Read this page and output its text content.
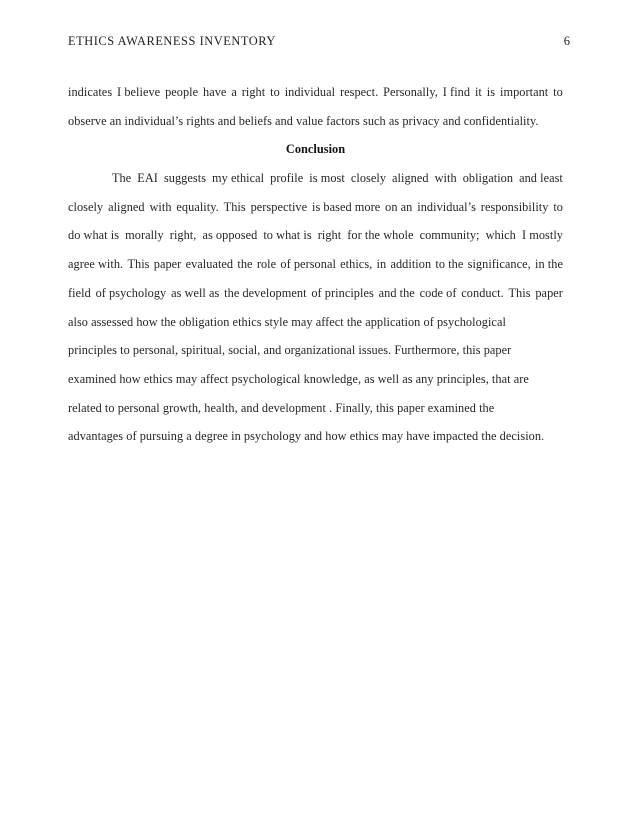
ETHICS AWARENESS INVENTORY	6
indicates I believe people have a right to individual respect. Personally, I find it is important to
observe an individual’s rights and beliefs and value factors such as privacy and confidentiality.
Conclusion
The EAI suggests my ethical profile is most closely aligned with obligation and least
closely aligned with equality. This perspective is based more on an individual’s responsibility to
do what is morally right, as opposed to what is right for the whole community; which I mostly
agree with. This paper evaluated the role of personal ethics, in addition to the significance, in the
field of psychology as well as the development of principles and the code of conduct. This paper
also assessed how the obligation ethics style may affect the application of psychological
principles to personal, spiritual, social, and organizational issues. Furthermore, this paper
examined how ethics may affect psychological knowledge, as well as any principles, that are
related to personal growth, health, and development . Finally, this paper examined the
advantages of pursuing a degree in psychology and how ethics may have impacted the decision.
